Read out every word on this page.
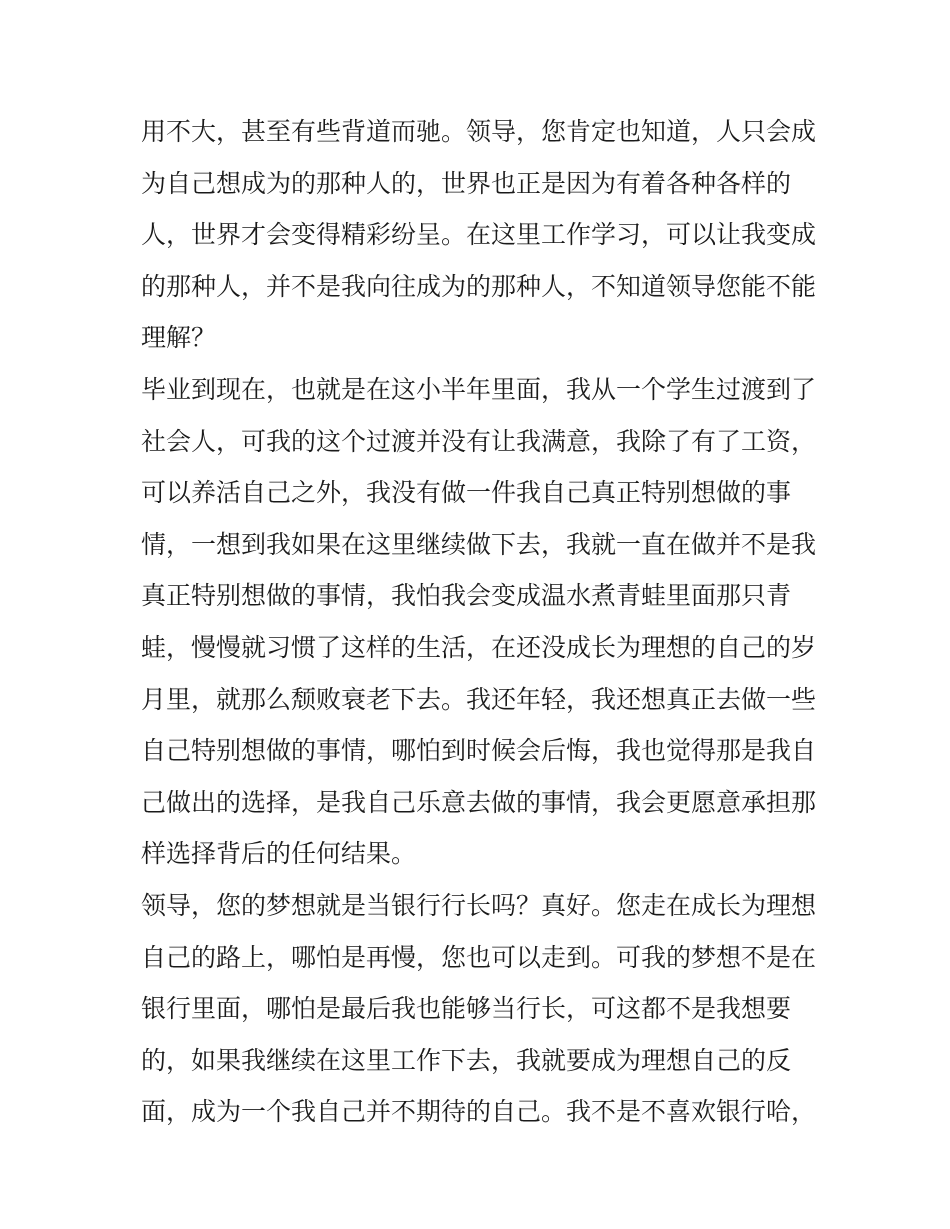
用不大，甚至有些背道而驰。领导，您肯定也知道，人只会成
为自己想成为的那种人的，世界也正是因为有着各种各样的
人，世界才会变得精彩纷呈。在这里工作学习，可以让我变成
的那种人，并不是我向往成为的那种人，不知道领导您能不能
理解？
毕业到现在，也就是在这小半年里面，我从一个学生过渡到了
社会人，可我的这个过渡并没有让我满意，我除了有了工资，
可以养活自己之外，我没有做一件我自己真正特别想做的事
情，一想到我如果在这里继续做下去，我就一直在做并不是我
真正特别想做的事情，我怕我会变成温水煮青蛙里面那只青
蛙，慢慢就习惯了这样的生活，在还没成长为理想的自己的岁
月里，就那么颓败衰老下去。我还年轻，我还想真正去做一些
自己特别想做的事情，哪怕到时候会后悔，我也觉得那是我自
己做出的选择，是我自己乐意去做的事情，我会更愿意承担那
样选择背后的任何结果。
领导，您的梦想就是当银行行长吗？真好。您走在成长为理想
自己的路上，哪怕是再慢，您也可以走到。可我的梦想不是在
银行里面，哪怕是最后我也能够当行长，可这都不是我想要
的，如果我继续在这里工作下去，我就要成为理想自己的反
面，成为一个我自己并不期待的自己。我不是不喜欢银行哈，
